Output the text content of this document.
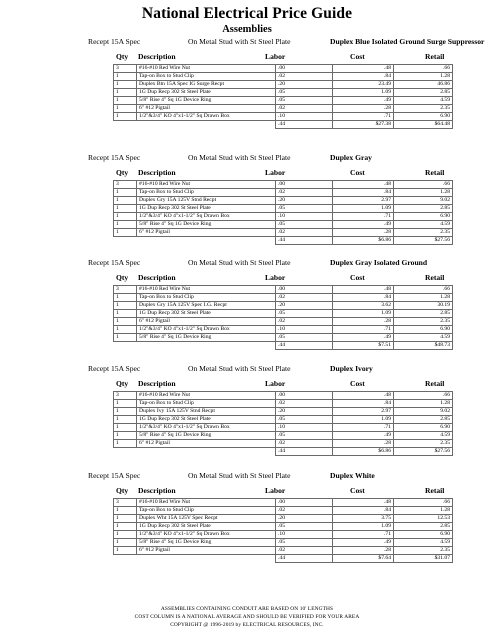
National Electrical Price Guide
Assemblies
Recept 15A Spec	On Metal Stud with St Steel Plate	Duplex Blue Isolated Ground Surge Suppressor
Qty Description	Labor	Cost	Retail
3	#16-#10 Red Wire Nut	.00	.48	.66
1	Tap-on Box to Stud Clip	.02	.84	1.28
1	Duplex Btn 15A Spec IG Surge Recpt	.20	23.49	46.86
1	1G Dup Recp 302 St Steel Plate	.05	1.09	2.85
1	5/8" Rise 4" Sq 1G Device Ring	.05	.49	4.59
1	6" #12 Pigtail	.02	.28	2.35
1	1/2"&3/4" KO 4"x1-1/2" Sq Drawn Box	.10	.71	6.90
		.44	$27.38	$64.48
Recept 15A Spec	On Metal Stud with St Steel Plate	Duplex Gray
Qty Description	Labor	Cost	Retail
3	#16-#10 Red Wire Nut	.00	.48	.66
1	Tap-on Box to Stud Clip	.02	.84	1.28
1	Duplex Gry 15A 125V Stnd Recpt	.20	2.97	9.02
1	1G Dup Recp 302 St Steel Plate	.05	1.09	2.85
1	1/2"&3/4" KO 4"x1-1/2" Sq Drawn Box	.10	.71	6.90
1	5/8" Rise 4" Sq 1G Device Ring	.05	.49	4.59
1	6" #12 Pigtail	.02	.28	2.35
		.44	$6.86	$27.56
Recept 15A Spec	On Metal Stud with St Steel Plate	Duplex Gray Isolated Ground
Qty Description	Labor	Cost	Retail
3	#16-#10 Red Wire Nut	.00	.48	.66
1	Tap-on Box to Stud Clip	.02	.84	1.28
1	Duplex Gry 15A 125V Spec I.G. Recpt	.20	3.62	30.19
1	1G Dup Recp 302 St Steel Plate	.05	1.09	2.85
1	6" #12 Pigtail	.02	.28	2.35
1	1/2"&3/4" KO 4"x1-1/2" Sq Drawn Box	.10	.71	6.90
1	5/8" Rise 4" Sq 1G Device Ring	.05	.49	4.59
		.44	$7.51	$48.73
Recept 15A Spec	On Metal Stud with St Steel Plate	Duplex Ivory
Qty Description	Labor	Cost	Retail
3	#16-#10 Red Wire Nut	.00	.48	.66
1	Tap-on Box to Stud Clip	.02	.84	1.28
1	Duplex Ivy 15A 125V Stnd Recpt	.20	2.97	9.02
1	1G Dup Recp 302 St Steel Plate	.05	1.09	2.85
1	1/2"&3/4" KO 4"x1-1/2" Sq Drawn Box	.10	.71	6.90
1	5/8" Rise 4" Sq 1G Device Ring	.05	.49	4.59
1	6" #12 Pigtail	.02	.28	2.35
		.44	$6.86	$27.56
Recept 15A Spec	On Metal Stud with St Steel Plate	Duplex White
Qty Description	Labor	Cost	Retail
3	#16-#10 Red Wire Nut	.00	.48	.66
1	Tap-on Box to Stud Clip	.02	.84	1.28
1	Duplex Wht 15A 125V Spec Recpt	.20	3.75	12.53
1	1G Dup Recp 302 St Steel Plate	.05	1.09	2.85
1	1/2"&3/4" KO 4"x1-1/2" Sq Drawn Box	.10	.71	6.90
1	5/8" Rise 4" Sq 1G Device Ring	.05	.49	4.59
1	6" #12 Pigtail	.02	.28	2.35
		.44	$7.64	$31.07
ASSEMBLIES CONTAINING CONDUIT ARE BASED ON 10' LENGTHS
COST COLUMN IS A NATIONAL AVERAGE AND SHOULD BE VERIFIED FOR YOUR AREA
COPYRIGHT @ 1996-2019 by ELECTRICAL RESOURCES, INC.
